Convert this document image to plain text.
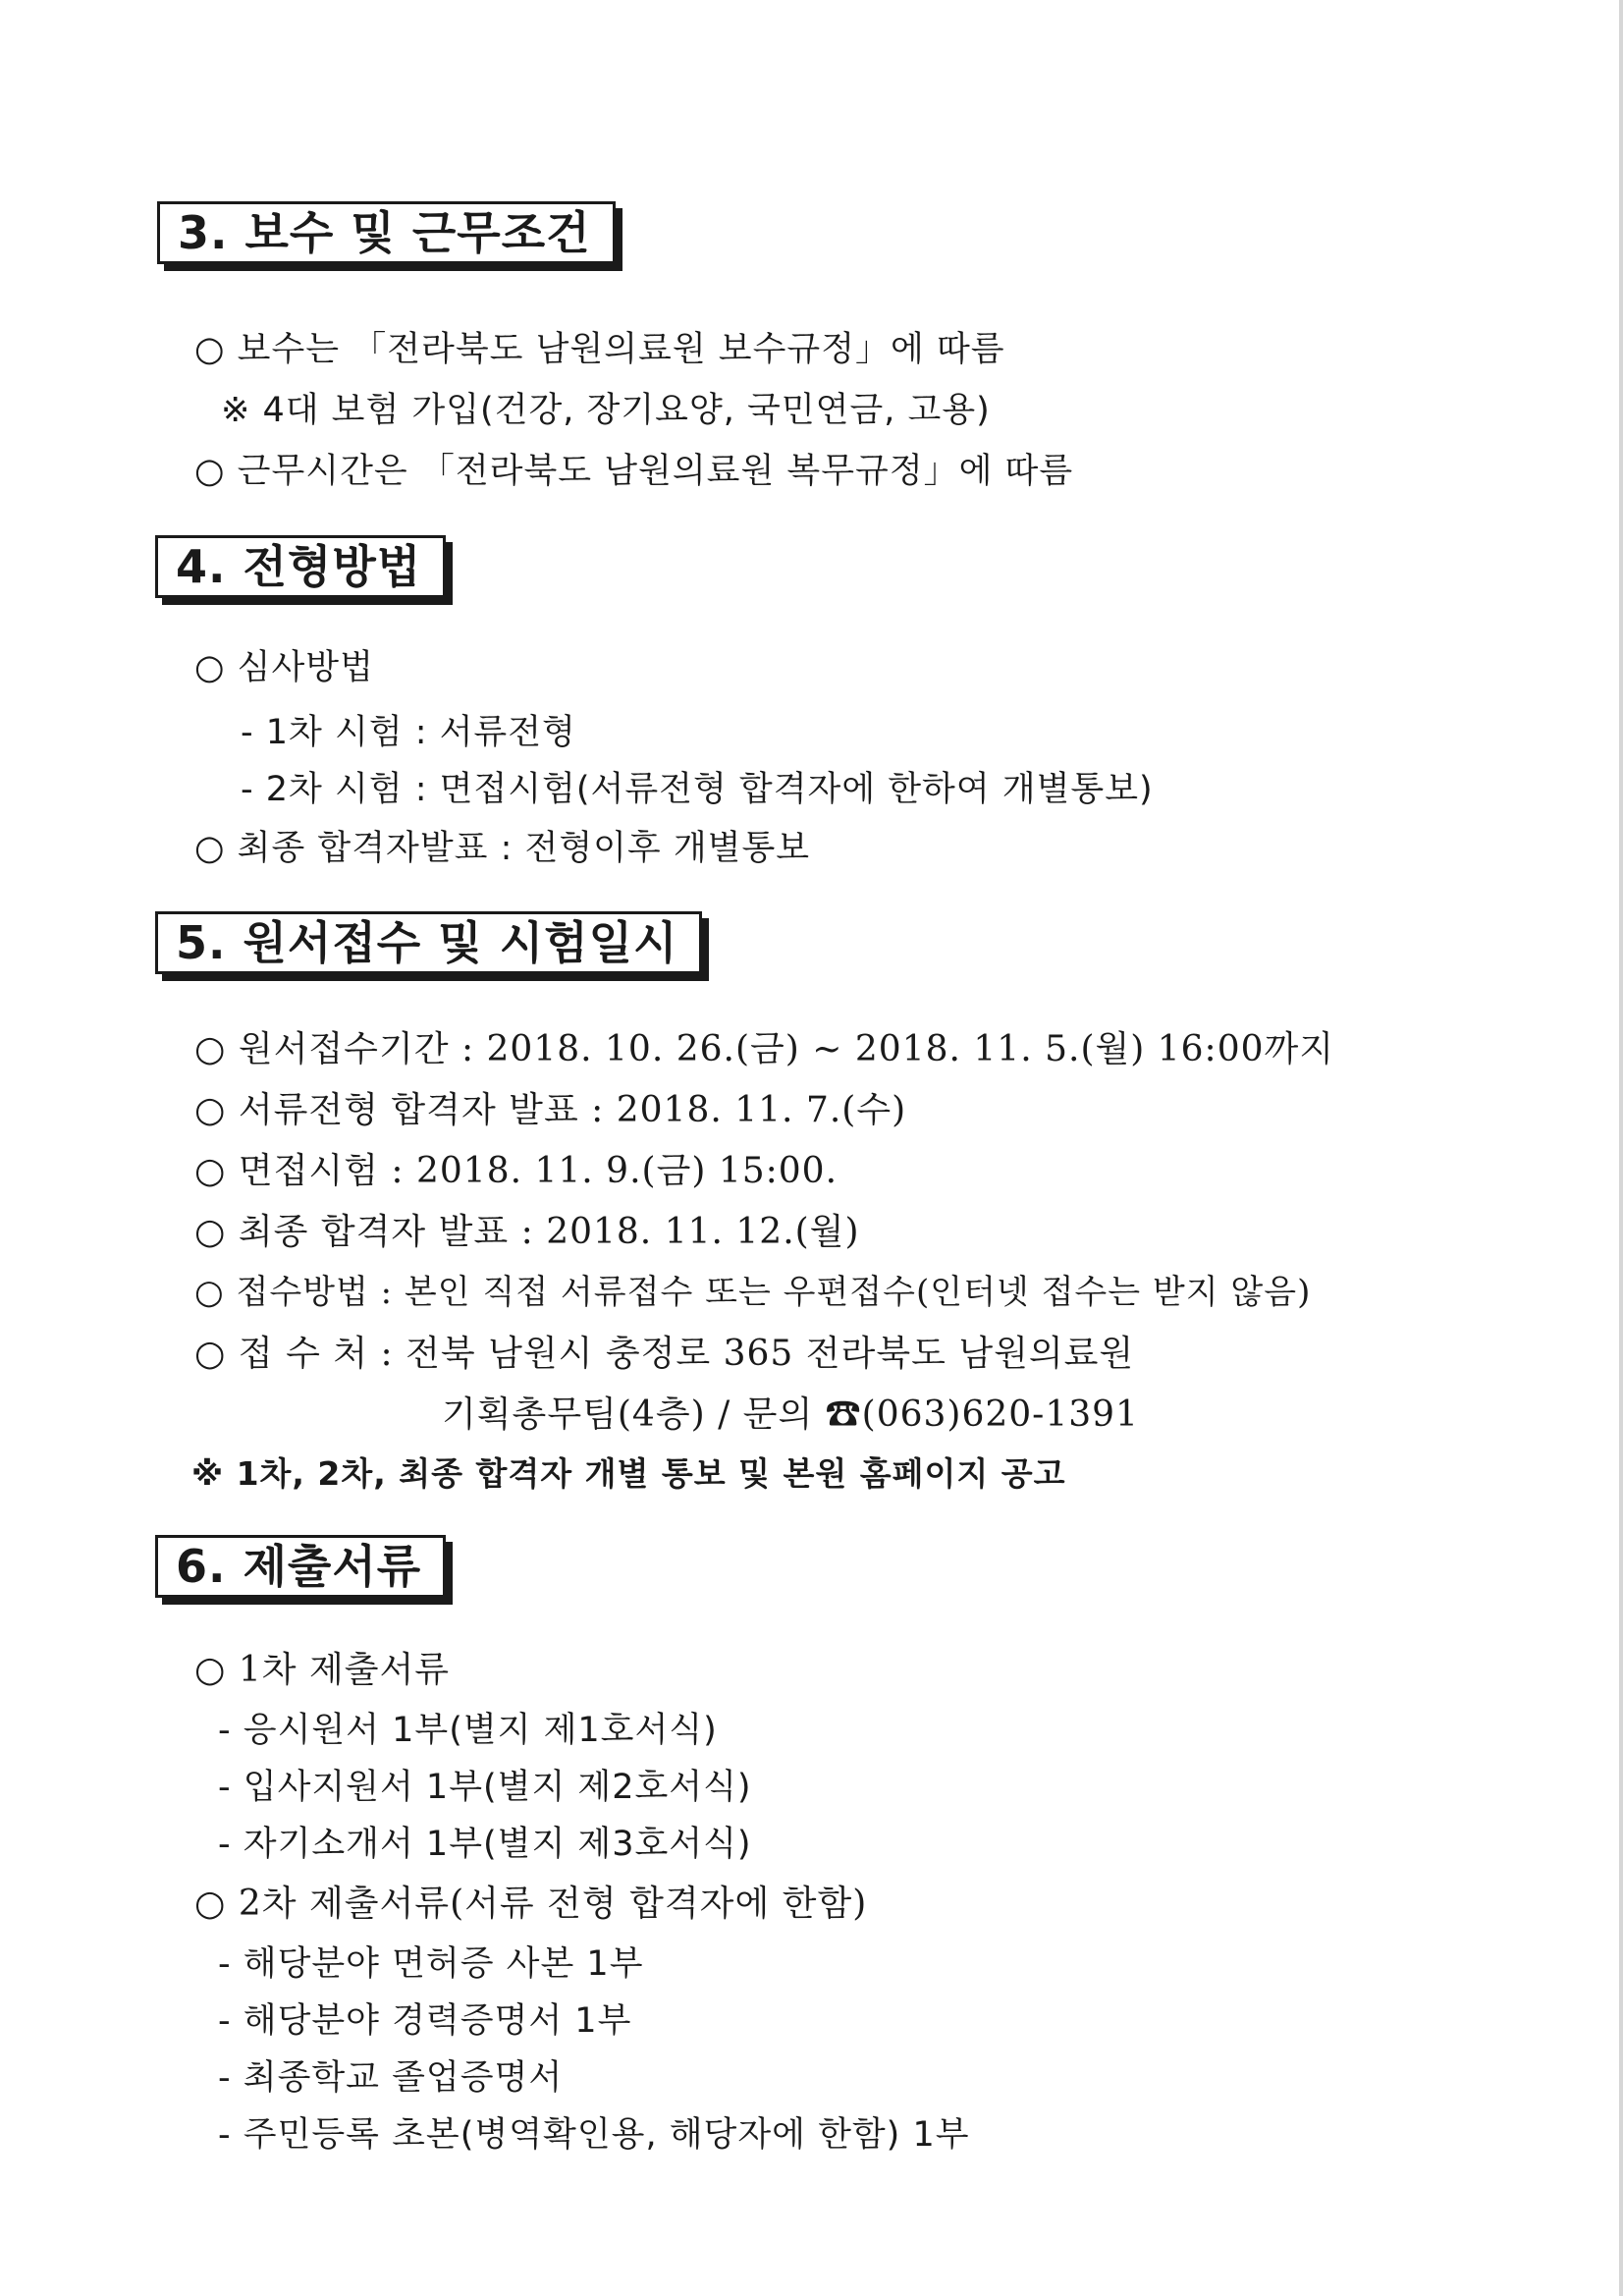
3. 보수 및 근무조건
○ 보수는 「전라북도 남원의료원 보수규정」에 따름
※ 4대 보험 가입(건강, 장기요양, 국민연금, 고용)
○ 근무시간은 「전라북도 남원의료원 복무규정」에 따름
4. 전형방법
○ 심사방법
- 1차 시험 : 서류전형
- 2차 시험 : 면접시험(서류전형 합격자에 한하여 개별통보)
○ 최종 합격자발표 : 전형이후 개별통보
5. 원서접수 및 시험일시
○ 원서접수기간 : 2018. 10. 26.(금) ~ 2018. 11. 5.(월) 16:00까지
○ 서류전형 합격자 발표 : 2018. 11. 7.(수)
○ 면접시험 : 2018. 11. 9.(금) 15:00.
○ 최종 합격자 발표 : 2018. 11. 12.(월)
○ 접수방법 : 본인 직접 서류접수 또는 우편접수(인터넷 접수는 받지 않음)
○ 접 수 처 : 전북 남원시 충정로 365 전라북도 남원의료원
기획총무팀(4층) / 문의 ☎(063)620-1391
※ 1차, 2차, 최종 합격자 개별 통보 및 본원 홈페이지 공고
6. 제출서류
○ 1차 제출서류
- 응시원서 1부(별지 제1호서식)
- 입사지원서 1부(별지 제2호서식)
- 자기소개서 1부(별지 제3호서식)
○ 2차 제출서류(서류 전형 합격자에 한함)
- 해당분야 면허증 사본 1부
- 해당분야 경력증명서 1부
- 최종학교 졸업증명서
- 주민등록 초본(병역확인용, 해당자에 한함) 1부
